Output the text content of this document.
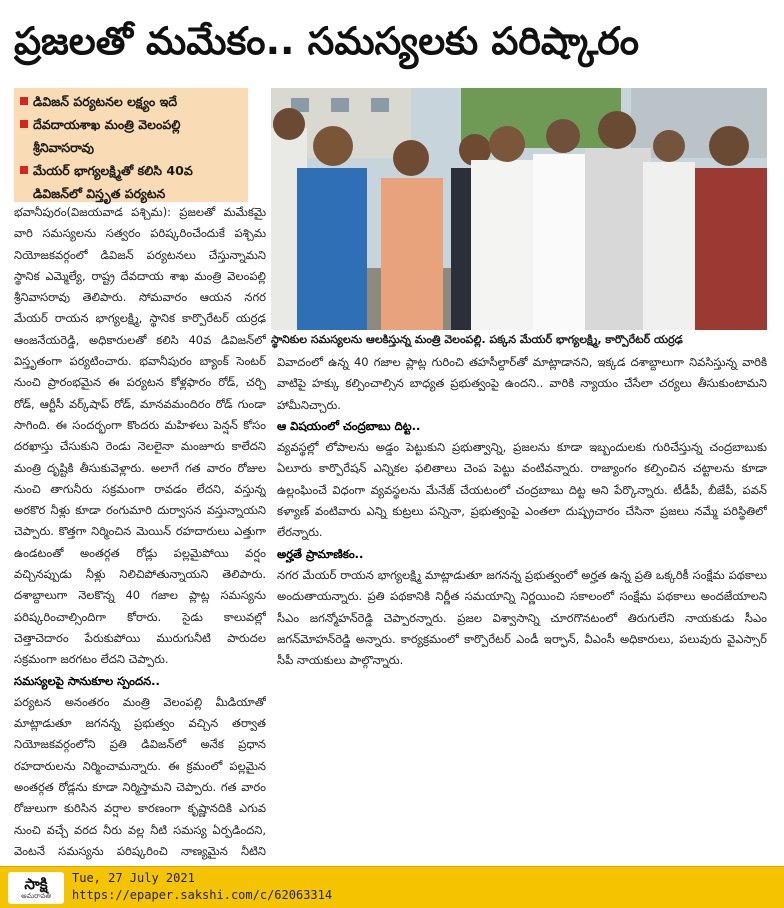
ప్రజలతో మమేకం.. సమస్యలకు పరిష్కారం
డివిజన్ పర్యటనల లక్ష్యం ఇదే
దేవదాయశాఖ మంత్రి వెలంపల్లి శ్రీనివాసరావు
మేయర్ భాగ్యలక్ష్మితో కలిసి 40వ డివిజన్‌లో విస్తృత పర్యటన
స్థానికుల సమస్యలను ఆలకిస్తున్న మంత్రి వెలంపల్లి. పక్కన మేయర్ భాగ్యలక్ష్మి, కార్పొరేటర్ యర్రఢ

భవానీపురం(విజయవాడ పశ్చిమ): ప్రజలతో మమేకమై వారి సమస్యలను సత్వరం పరిష్కరించేందుకే పశ్చిమ నియోజకవర్గంలో డివిజన్ పర్యటనలు చేస్తున్నామని స్థానిక ఎమ్మెల్యే, రాష్ట్ర దేవదాయ శాఖ మంత్రి వెలంపల్లి శ్రీనివాసరావు తెలిపారు. సోమవారం ఆయన నగర మేయర్ రాయన భాగ్యలక్ష్మి, స్థానిక కార్పొరేటర్ యర్రఢ ఆంజనేయరెడ్డి, అధికారులతో కలిసి 40వ డివిజన్‌లో విస్తృతంగా పర్యటించారు. భవానీపురం బ్యాంక్ సెంటర్ నుంచి ప్రారంభమైన ఈ పర్యటన కోళ్లఫారం రోడ్, చర్చి రోడ్, ఆర్టీసీ వర్క్‌షాప్ రోడ్, మానవమందిరం రోడ్ గుండా సాగింది. ఈ సందర్భంగా కొందరు మహిళలు పెన్షన్ కోసం దరఖాస్తు చేసుకుని రెండు నెలలైనా మంజూరు కాలేదని మంత్రి దృష్టికి తీసుకువెళ్లారు. అలాగే గత వారం రోజుల నుంచి తాగునీరు సక్రమంగా రావడం లేదని, వస్తున్న అరకొర నీళ్లు కూడా రంగుమారి దుర్వాసన వస్తున్నాయని చెప్పారు. కొత్తగా నిర్మించిన మెయిన్ రహదారులు ఎత్తుగా ఉండటంతో అంతర్గత రోడ్లు పల్లమైపోయి వర్షం వచ్చినప్పుడు నీళ్లు నిలిచిపోతున్నాయని తెలిపారు. దశాబ్దాలుగా నెలకొన్న 40 గజాల ప్లాట్ల సమస్యను పరిష్కరించాల్సిందిగా కోరారు. సైడు కాలువల్లో చెత్తాచెదారం పేరుకుపోయి మురుగునీటి పారుదల సక్రమంగా జరగటం లేదని చెప్పారు.

సమస్యలపై సానుకూల స్పందన..

పర్యటన అనంతరం మంత్రి వెలంపల్లి మీడియాతో మాట్లాడుతూ జగనన్న ప్రభుత్వం వచ్చిన తర్వాత నియోజకవర్గంలోని ప్రతి డివిజన్‌లో అనేక ప్రధాన రహదారులను నిర్మించామన్నారు. ఈ క్రమంలో పల్లమైన అంతర్గత రోడ్లను కూడా నిర్మిస్తామని చెప్పారు. గత వారం రోజులుగా కురిసిన వర్షాల కారణంగా కృష్ణానదికి ఎగువ నుంచి వచ్చే వరద నీరు వల్ల నీటి సమస్య ఏర్పడిందని, వెంటనే సమస్యను పరిష్కరించి నాణ్యమైన నీటిని

వివాదంలో ఉన్న 40 గజాల ప్లాట్ల గురించి తహసీల్దార్‌తో మాట్లాడానని, ఇక్కడ దశాబ్దాలుగా నివసిస్తున్న వారికి వాటిపై హక్కు కల్పించాల్సిన బాధ్యత ప్రభుత్వంపై ఉందని.. వారికి న్యాయం చేసేలా చర్యలు తీసుకుంటామని హామీనిచ్చారు.

ఆ విషయంలో చంద్రబాబు దిట్ట..

వ్యవస్థల్లో లోపాలను అడ్డం పెట్టుకుని ప్రభుత్వాన్ని, ప్రజలను కూడా ఇబ్బందులకు గురిచేస్తున్న చంద్రబాబుకు ఏలూరు కార్పొరేషన్ ఎన్నికల ఫలితాలు చెంప పెట్టు వంటివన్నారు. రాజ్యాంగం కల్పించిన చట్టాలను కూడా ఉల్లంఘించే విధంగా వ్యవస్థలను మేనేజ్ చేయటంలో చంద్రబాబు దిట్ట అని పేర్కొన్నారు. టీడీపీ, బీజేపీ, పవన్ కళ్యాణ్ వంటివారు ఎన్ని కుట్రలు పన్నినా, ప్రభుత్వంపై ఎంతలా దుష్ప్రచారం చేసినా ప్రజలు నమ్మే పరిస్థితిలో లేరన్నారు.

అర్హతే ప్రామాణికం..

నగర మేయర్ రాయన భాగ్యలక్ష్మి మాట్లాడుతూ జగనన్న ప్రభుత్వంలో అర్హత ఉన్న ప్రతి ఒక్కరికీ సంక్షేమ పథకాలు అందుతాయన్నారు. ప్రతి పథకానికి నిర్ణీత సమయాన్ని నిర్ణయించి సకాలంలో సంక్షేమ పథకాలు అందజేయాలని సీఎం జగన్మోహన్‌రెడ్డి చెప్పారన్నారు. ప్రజల విశ్వాసాన్ని చూరగొనటంలో తిరుగులేని నాయకుడు సీఎం జగన్‌మోహన్‌రెడ్డి అన్నారు. కార్యక్రమంలో కార్పొరేటర్ ఎండీ ఇర్ఫాన్, వీఎంసీ అధికారులు, పలువురు వైఎస్సార్ సీపీ నాయకులు పాల్గొన్నారు.

సాక్షి
అమరావతి
Tue, 27 July 2021
https://epaper.sakshi.com/c/62063314
